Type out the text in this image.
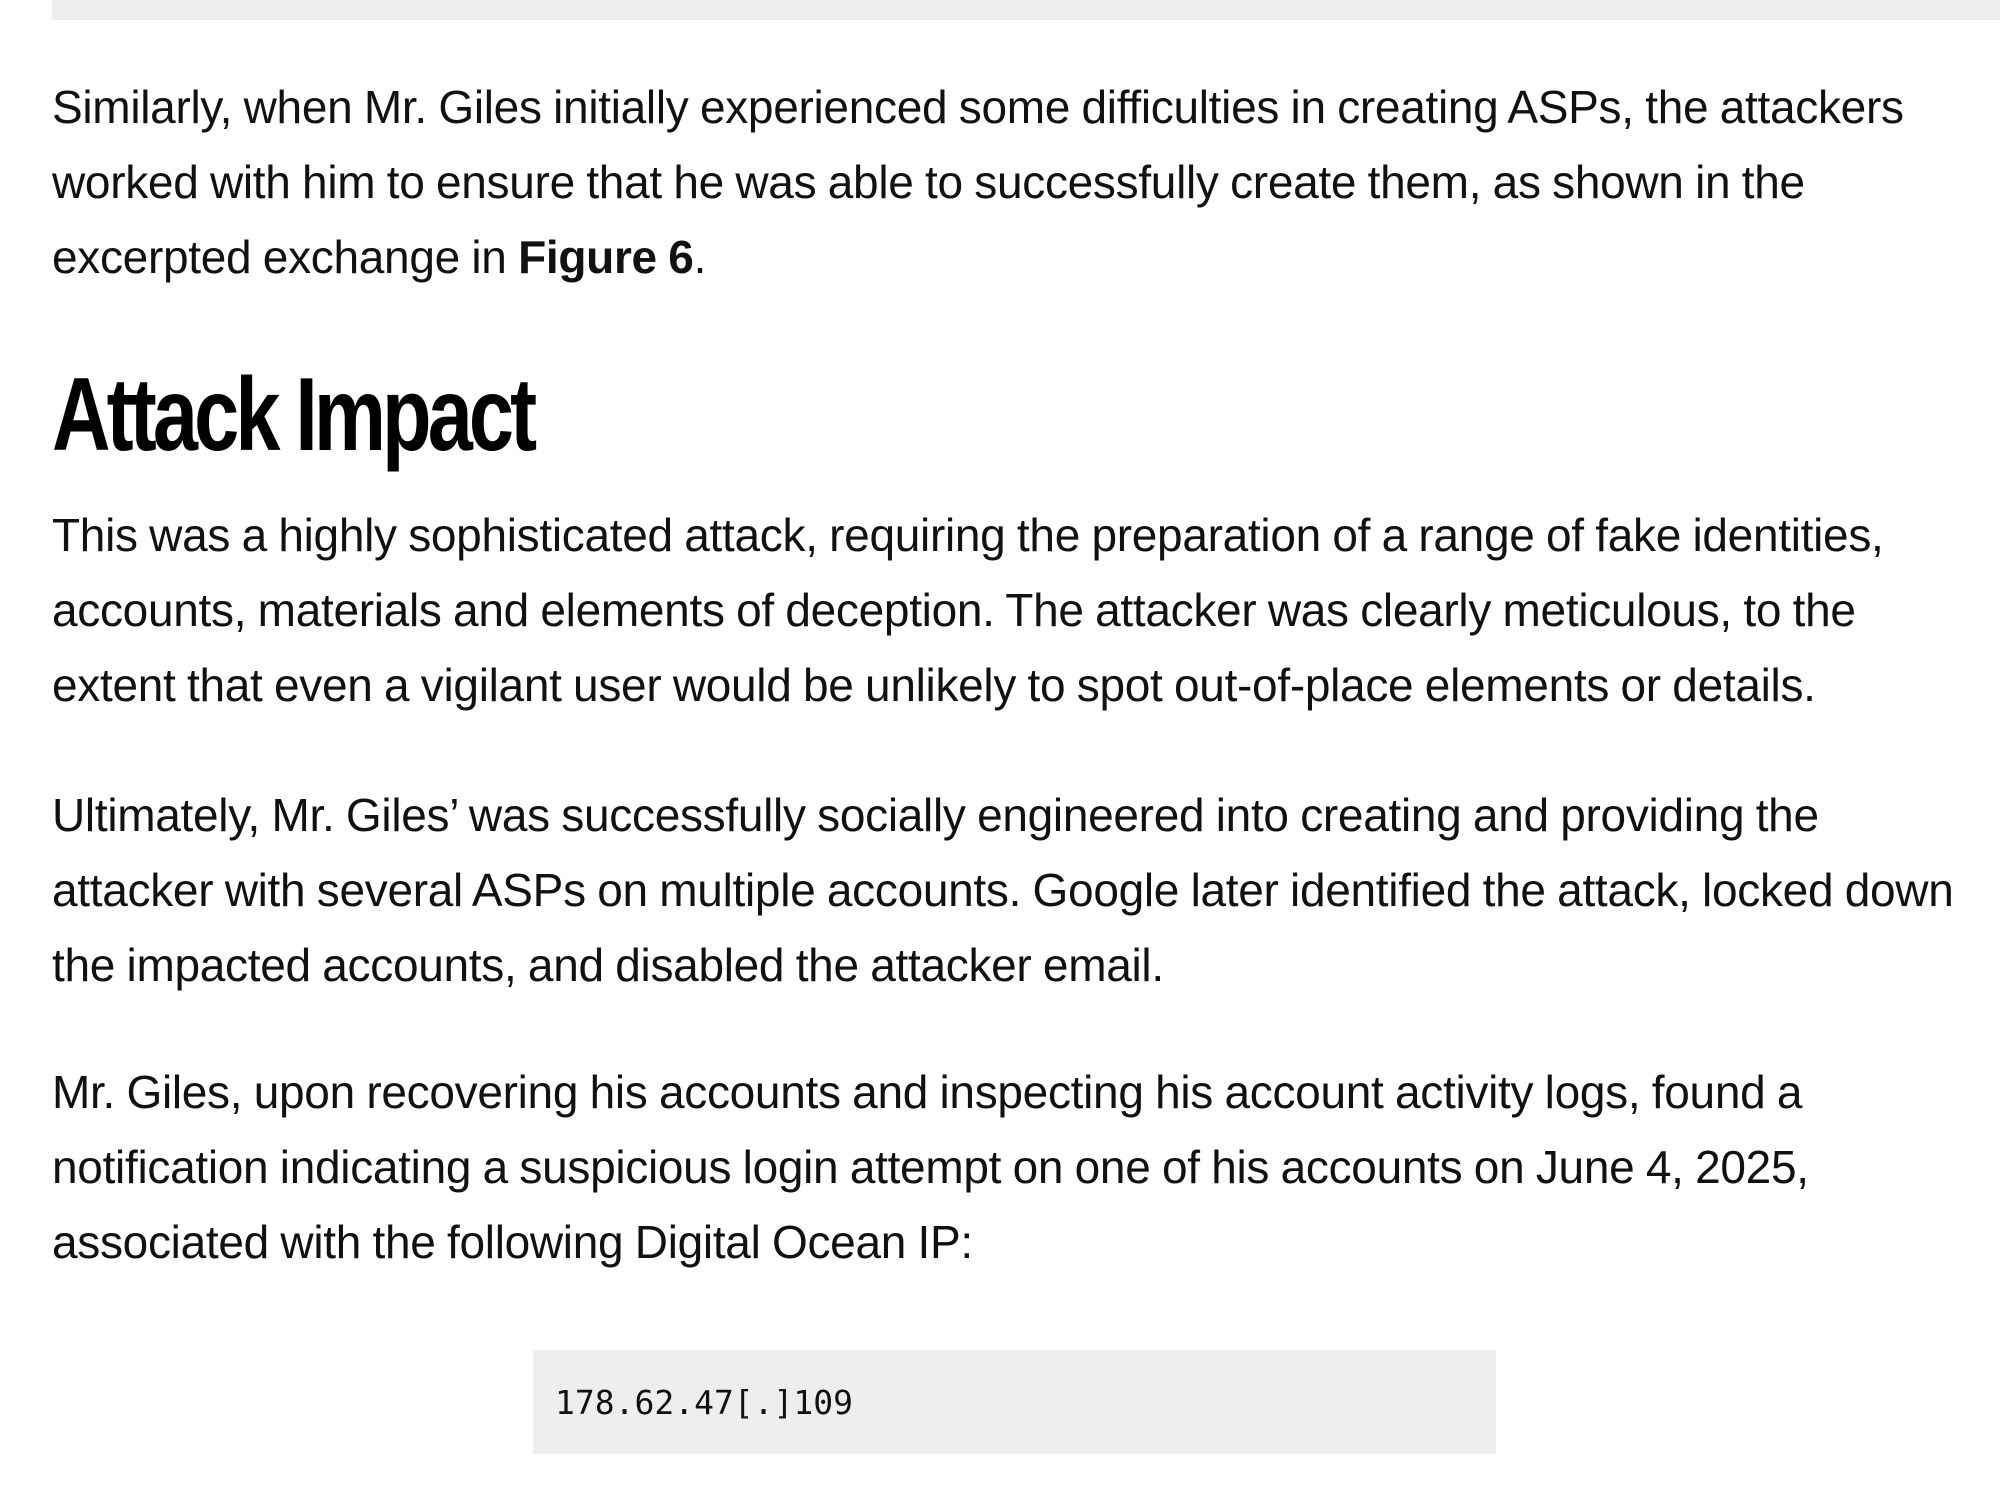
Similarly, when Mr. Giles initially experienced some difficulties in creating ASPs, the attackers worked with him to ensure that he was able to successfully create them, as shown in the excerpted exchange in Figure 6.

Attack Impact

This was a highly sophisticated attack, requiring the preparation of a range of fake identities, accounts, materials and elements of deception. The attacker was clearly meticulous, to the extent that even a vigilant user would be unlikely to spot out-of-place elements or details.

Ultimately, Mr. Giles’ was successfully socially engineered into creating and providing the attacker with several ASPs on multiple accounts. Google later identified the attack, locked down the impacted accounts, and disabled the attacker email.

Mr. Giles, upon recovering his accounts and inspecting his account activity logs, found a notification indicating a suspicious login attempt on one of his accounts on June 4, 2025, associated with the following Digital Ocean IP:

178.62.47[.]109
